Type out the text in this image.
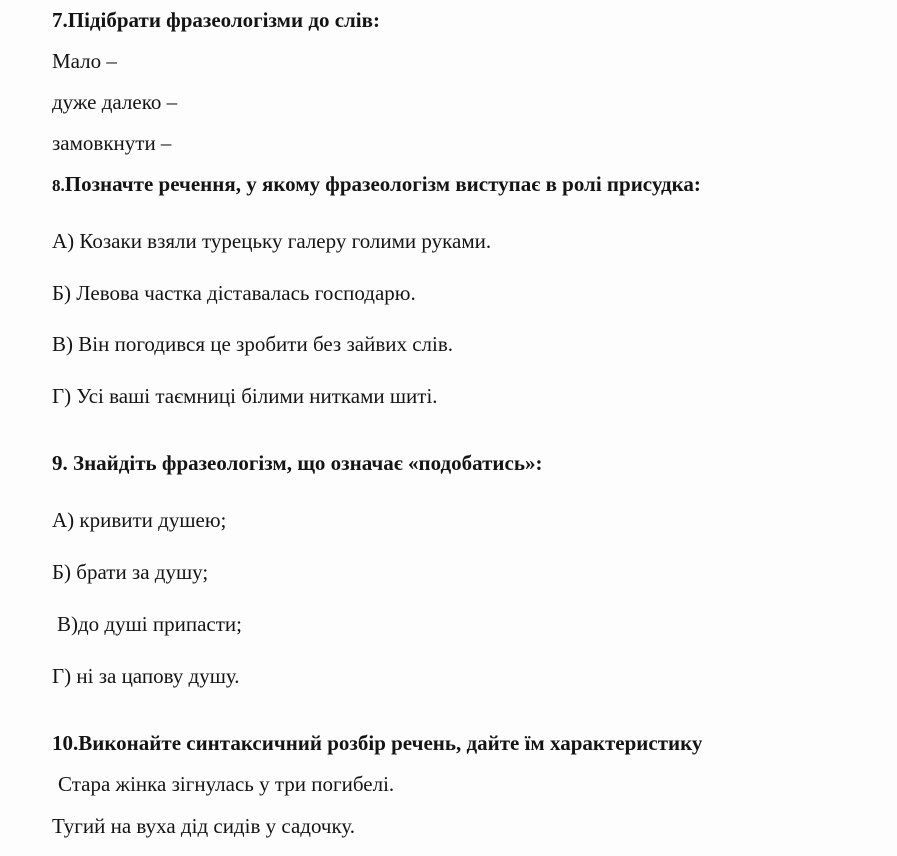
7.Підібрати фразеологізми до слів:
Мало –
дуже далеко –
замовкнути –
8.Позначте речення, у якому фразеологізм виступає в ролі присудка:
А) Козаки взяли турецьку галеру голими руками.
Б) Левова частка діставалась господарю.
В) Він погодився це зробити без зайвих слів.
Г) Усі ваші таємниці білими нитками шиті.
9. Знайдіть фразеологізм, що означає «подобатись»:
А) кривити душею;
Б) брати за душу;
В)до душі припасти;
Г) ні за цапову душу.
10.Виконайте синтаксичний розбір речень, дайте їм характеристику
Стара жінка зігнулась у три погибелі.
Тугий на вуха дід сидів у садочку.
